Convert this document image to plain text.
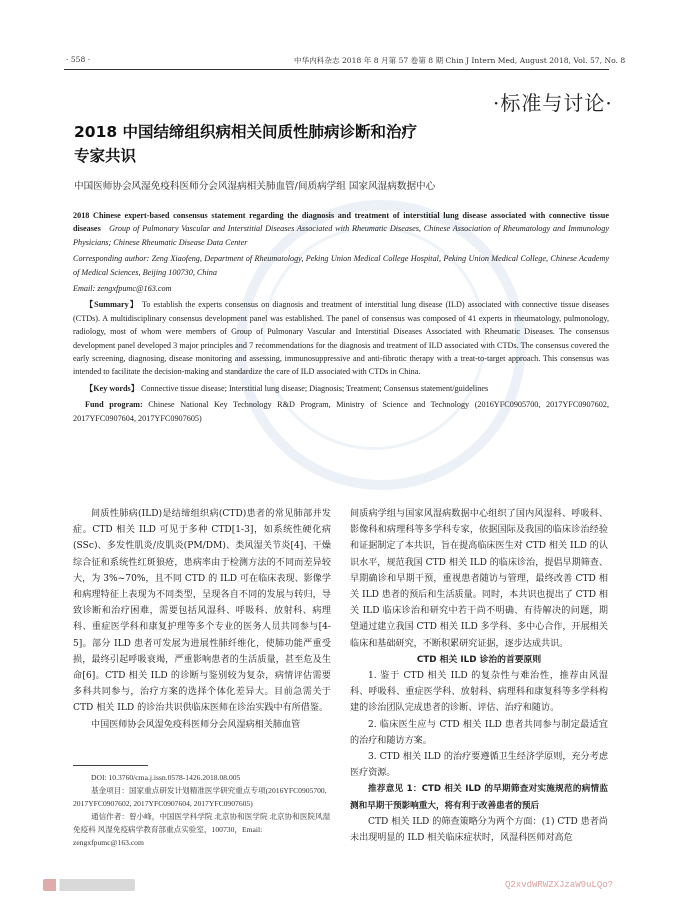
· 558 ·	中华内科杂志 2018 年 8 月第 57 卷第 8 期 Chin J Intern Med, August 2018, Vol. 57, No. 8
·标准与讨论·
2018 中国结缔组织病相关间质性肺病诊断和治疗
专家共识
中国医师协会风湿免疫科医师分会风湿病相关肺血管/间质病学组 国家风湿病数据中心

2018 Chinese expert-based consensus statement regarding the diagnosis and treatment of interstitial lung disease associated with connective tissue diseases Group of Pulmonary Vascular and Interstitial Diseases Associated with Rheumatic Diseases, Chinese Association of Rheumatology and Immunology Physicians; Chinese Rheumatic Disease Data Center

Corresponding author: Zeng Xiaofeng, Department of Rheumatology, Peking Union Medical College Hospital, Peking Union Medical College, Chinese Academy of Medical Sciences, Beijing 100730, China

Email: zengxfpumc@163.com

【Summary】 To establish the experts consensus on diagnosis and treatment of interstitial lung disease (ILD) associated with connective tissue diseases (CTDs). A multidisciplinary consensus development panel was established. The panel of consensus was composed of 41 experts in rheumatology, pulmonology, radiology, most of whom were members of Group of Pulmonary Vascular and Interstitial Diseases Associated with Rheumatic Diseases. The consensus development panel developed 3 major principles and 7 recommendations for the diagnosis and treatment of ILD associated with CTDs. The consensus covered the early screening, diagnosing, disease monitoring and assessing, immunosuppressive and anti-fibrotic therapy with a treat-to-target approach. This consensus was intended to facilitate the decision-making and standardize the care of ILD associated with CTDs in China.

【Key words】 Connective tissue disease; Interstitial lung disease; Diagnosis; Treatment; Consensus statement/guidelines

Fund program: Chinese National Key Technology R&D Program, Ministry of Science and Technology (2016YFC0905700, 2017YFC0907602, 2017YFC0907604, 2017YFC0907605)

间质性肺病(ILD)是结缔组织病(CTD)患者的常见肺部并发症。CTD 相关 ILD 可见于多种 CTD[1-3]，如系统性硬化病(SSc)、多发性肌炎/皮肌炎(PM/DM)、类风湿关节炎[4]、干燥综合征和系统性红斑狼疮，患病率由于检测方法的不同而差异较大，为 3%~70%，且不同 CTD 的 ILD 可在临床表现、影像学和病理特征上表现为不同类型，呈现各自不同的发展与转归，导致诊断和治疗困难，需要包括风湿科、呼吸科、放射科、病理科、重症医学科和康复护理等多个专业的医务人员共同参与[4-5]。部分 ILD 患者可发展为进展性肺纤维化，使肺功能严重受损，最终引起呼吸衰竭，严重影响患者的生活质量，甚至危及生命[6]。CTD 相关 ILD 的诊断与鉴别较为复杂，病情评估需要多科共同参与，治疗方案的选择个体化差异大。目前急需关于 CTD 相关 ILD 的诊治共识供临床医师在诊治实践中有所借鉴。

中国医师协会风湿免疫科医师分会风湿病相关肺血管

DOI: 10.3760/cma.j.issn.0578-1426.2018.08.005

基金项目：国家重点研发计划精准医学研究重点专项(2016YFC0905700, 2017YFC0907602, 2017YFC0907604, 2017YFC0907605)

通信作者：曾小峰，中国医学科学院 北京协和医学院 北京协和医院风湿免疫科 风湿免疫病学教育部重点实验室，100730，Email: zengxfpumc@163.com

间质病学组与国家风湿病数据中心组织了国内风湿科、呼吸科、影像科和病理科等多学科专家，依据国际及我国的临床诊治经验和证据制定了本共识，旨在提高临床医生对 CTD 相关 ILD 的认识水平，规范我国 CTD 相关 ILD 的临床诊治，提倡早期筛查、早期确诊和早期干预，重视患者随访与管理，最终改善 CTD 相关 ILD 患者的预后和生活质量。同时，本共识也提出了 CTD 相关 ILD 临床诊治和研究中若干尚不明确、有待解决的问题，期望通过建立我国 CTD 相关 ILD 多学科、多中心合作，开展相关临床和基础研究，不断积累研究证据，逐步达成共识。

CTD 相关 ILD 诊治的首要原则

1. 鉴于 CTD 相关 ILD 的复杂性与难治性，推荐由风湿科、呼吸科、重症医学科、放射科、病理科和康复科等多学科构建的诊治团队完成患者的诊断、评估、治疗和随访。

2. 临床医生应与 CTD 相关 ILD 患者共同参与制定最适宜的治疗和随访方案。

3. CTD 相关 ILD 的治疗要遵循卫生经济学原则，充分考虑医疗资源。

推荐意见 1：CTD 相关 ILD 的早期筛查对实施规范的病情监测和早期干预影响重大，将有利于改善患者的预后

CTD 相关 ILD 的筛查策略分为两个方面：(1) CTD 患者尚未出现明显的 ILD 相关临床症状时，风湿科医师对高危

Q2xvdWRWZXJzaW9uLQo?
